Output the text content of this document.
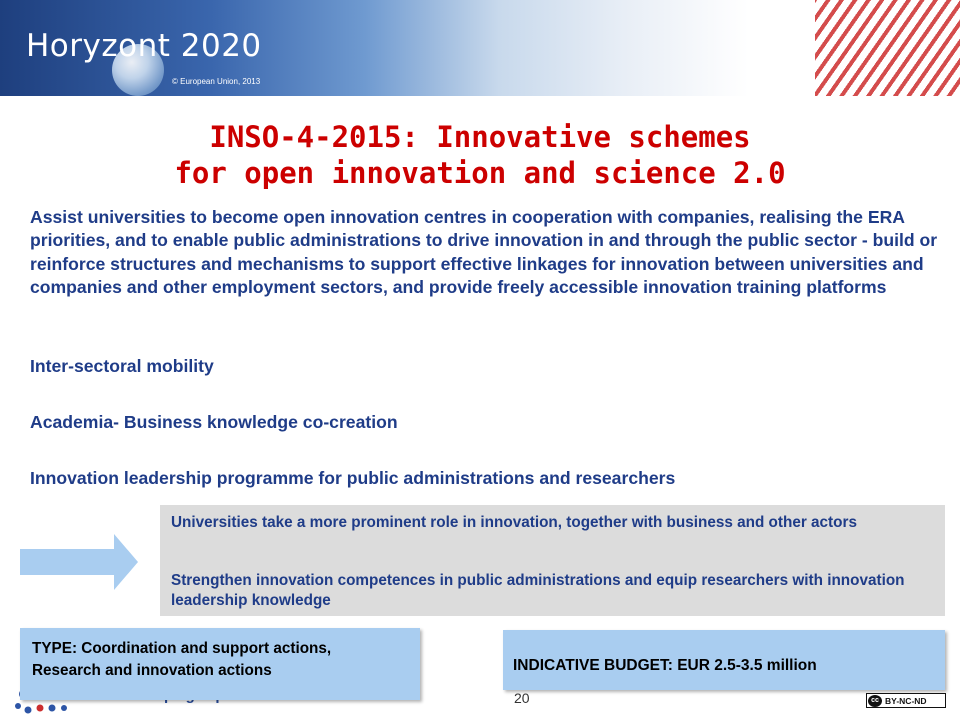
Horyzont 2020
© European Union, 2013
INSO-4-2015: Innovative schemes
for open innovation and science 2.0

Assist universities to become open innovation centres in cooperation with companies, realising the ERA priorities, and to enable public administrations to drive innovation in and through the public sector - build or reinforce structures and mechanisms to support effective linkages for innovation between universities and companies and other employment sectors, and provide freely accessible innovation training platforms

Inter-sectoral mobility
Academia- Business knowledge co-creation
Innovation leadership programme for public administrations and researchers
Universities take a more prominent role in innovation, together with business and other actors
Strengthen innovation competences in public administrations and equip researchers with innovation leadership knowledge
TYPE: Coordination and support actions,
Research and innovation actions	INDICATIVE BUDGET: EUR 2.5-3.5 million
20	cc BY-NC-ND
